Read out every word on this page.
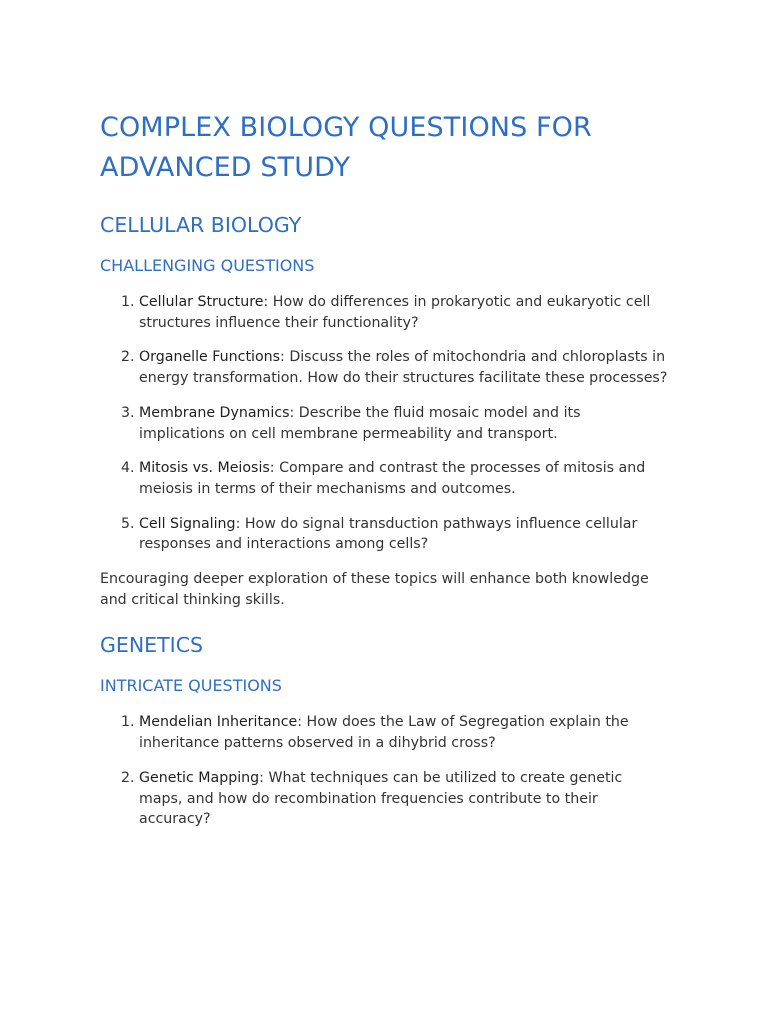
COMPLEX BIOLOGY QUESTIONS FOR ADVANCED STUDY
CELLULAR BIOLOGY
CHALLENGING QUESTIONS
1. Cellular Structure: How do differences in prokaryotic and eukaryotic cell structures influence their functionality?
2. Organelle Functions: Discuss the roles of mitochondria and chloroplasts in energy transformation. How do their structures facilitate these processes?
3. Membrane Dynamics: Describe the fluid mosaic model and its implications on cell membrane permeability and transport.
4. Mitosis vs. Meiosis: Compare and contrast the processes of mitosis and meiosis in terms of their mechanisms and outcomes.
5. Cell Signaling: How do signal transduction pathways influence cellular responses and interactions among cells?

Encouraging deeper exploration of these topics will enhance both knowledge and critical thinking skills.

GENETICS
INTRICATE QUESTIONS
1. Mendelian Inheritance: How does the Law of Segregation explain the inheritance patterns observed in a dihybrid cross?
2. Genetic Mapping: What techniques can be utilized to create genetic maps, and how do recombination frequencies contribute to their accuracy?
